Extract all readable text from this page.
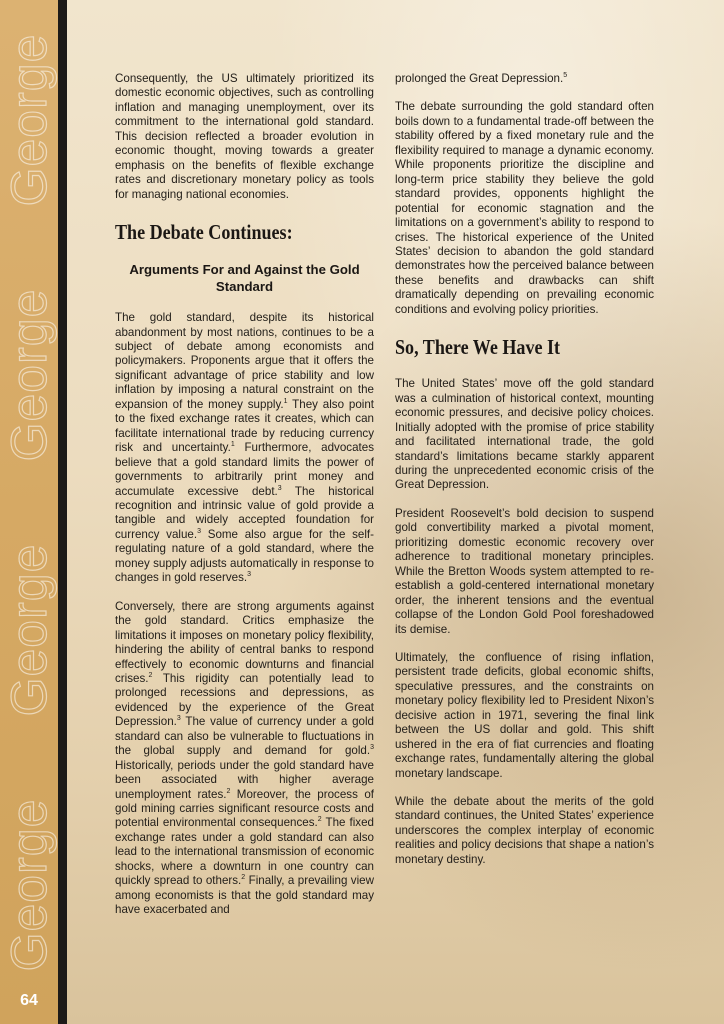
George
George
George
George
64

Consequently, the US ultimately prioritized its domestic economic objectives, such as controlling inflation and managing unemployment, over its commitment to the international gold standard. This decision reflected a broader evolution in economic thought, moving towards a greater emphasis on the benefits of flexible exchange rates and discretionary monetary policy as tools for managing national economies.

The Debate Continues:
Arguments For and Against the Gold Standard

The gold standard, despite its historical abandonment by most nations, continues to be a subject of debate among economists and policymakers. Proponents argue that it offers the significant advantage of price stability and low inflation by imposing a natural constraint on the expansion of the money supply.$^1$ They also point to the fixed exchange rates it creates, which can facilitate international trade by reducing currency risk and uncertainty.$^1$ Furthermore, advocates believe that a gold standard limits the power of governments to arbitrarily print money and accumulate excessive debt.$^3$ The historical recognition and intrinsic value of gold provide a tangible and widely accepted foundation for currency value.$^3$ Some also argue for the self-regulating nature of a gold standard, where the money supply adjusts automatically in response to changes in gold reserves.$^3$

Conversely, there are strong arguments against the gold standard. Critics emphasize the limitations it imposes on monetary policy flexibility, hindering the ability of central banks to respond effectively to economic downturns and financial crises.$^2$ This rigidity can potentially lead to prolonged recessions and depressions, as evidenced by the experience of the Great Depression.$^3$ The value of currency under a gold standard can also be vulnerable to fluctuations in the global supply and demand for gold.$^3$ Historically, periods under the gold standard have been associated with higher average unemployment rates.$^2$ Moreover, the process of gold mining carries significant resource costs and potential environmental consequences.$^2$ The fixed exchange rates under a gold standard can also lead to the international transmission of economic shocks, where a downturn in one country can quickly spread to others.$^2$ Finally, a prevailing view among economists is that the gold standard may have exacerbated and

prolonged the Great Depression.$^5$

The debate surrounding the gold standard often boils down to a fundamental trade-off between the stability offered by a fixed monetary rule and the flexibility required to manage a dynamic economy. While proponents prioritize the discipline and long-term price stability they believe the gold standard provides, opponents highlight the potential for economic stagnation and the limitations on a government’s ability to respond to crises. The historical experience of the United States’ decision to abandon the gold standard demonstrates how the perceived balance between these benefits and drawbacks can shift dramatically depending on prevailing economic conditions and evolving policy priorities.

So, There We Have It

The United States’ move off the gold standard was a culmination of historical context, mounting economic pressures, and decisive policy choices. Initially adopted with the promise of price stability and facilitated international trade, the gold standard’s limitations became starkly apparent during the unprecedented economic crisis of the Great Depression.

President Roosevelt’s bold decision to suspend gold convertibility marked a pivotal moment, prioritizing domestic economic recovery over adherence to traditional monetary principles. While the Bretton Woods system attempted to re-establish a gold-centered international monetary order, the inherent tensions and the eventual collapse of the London Gold Pool foreshadowed its demise.

Ultimately, the confluence of rising inflation, persistent trade deficits, global economic shifts, speculative pressures, and the constraints on monetary policy flexibility led to President Nixon’s decisive action in 1971, severing the final link between the US dollar and gold. This shift ushered in the era of fiat currencies and floating exchange rates, fundamentally altering the global monetary landscape.

While the debate about the merits of the gold standard continues, the United States’ experience underscores the complex interplay of economic realities and policy decisions that shape a nation’s monetary destiny.
